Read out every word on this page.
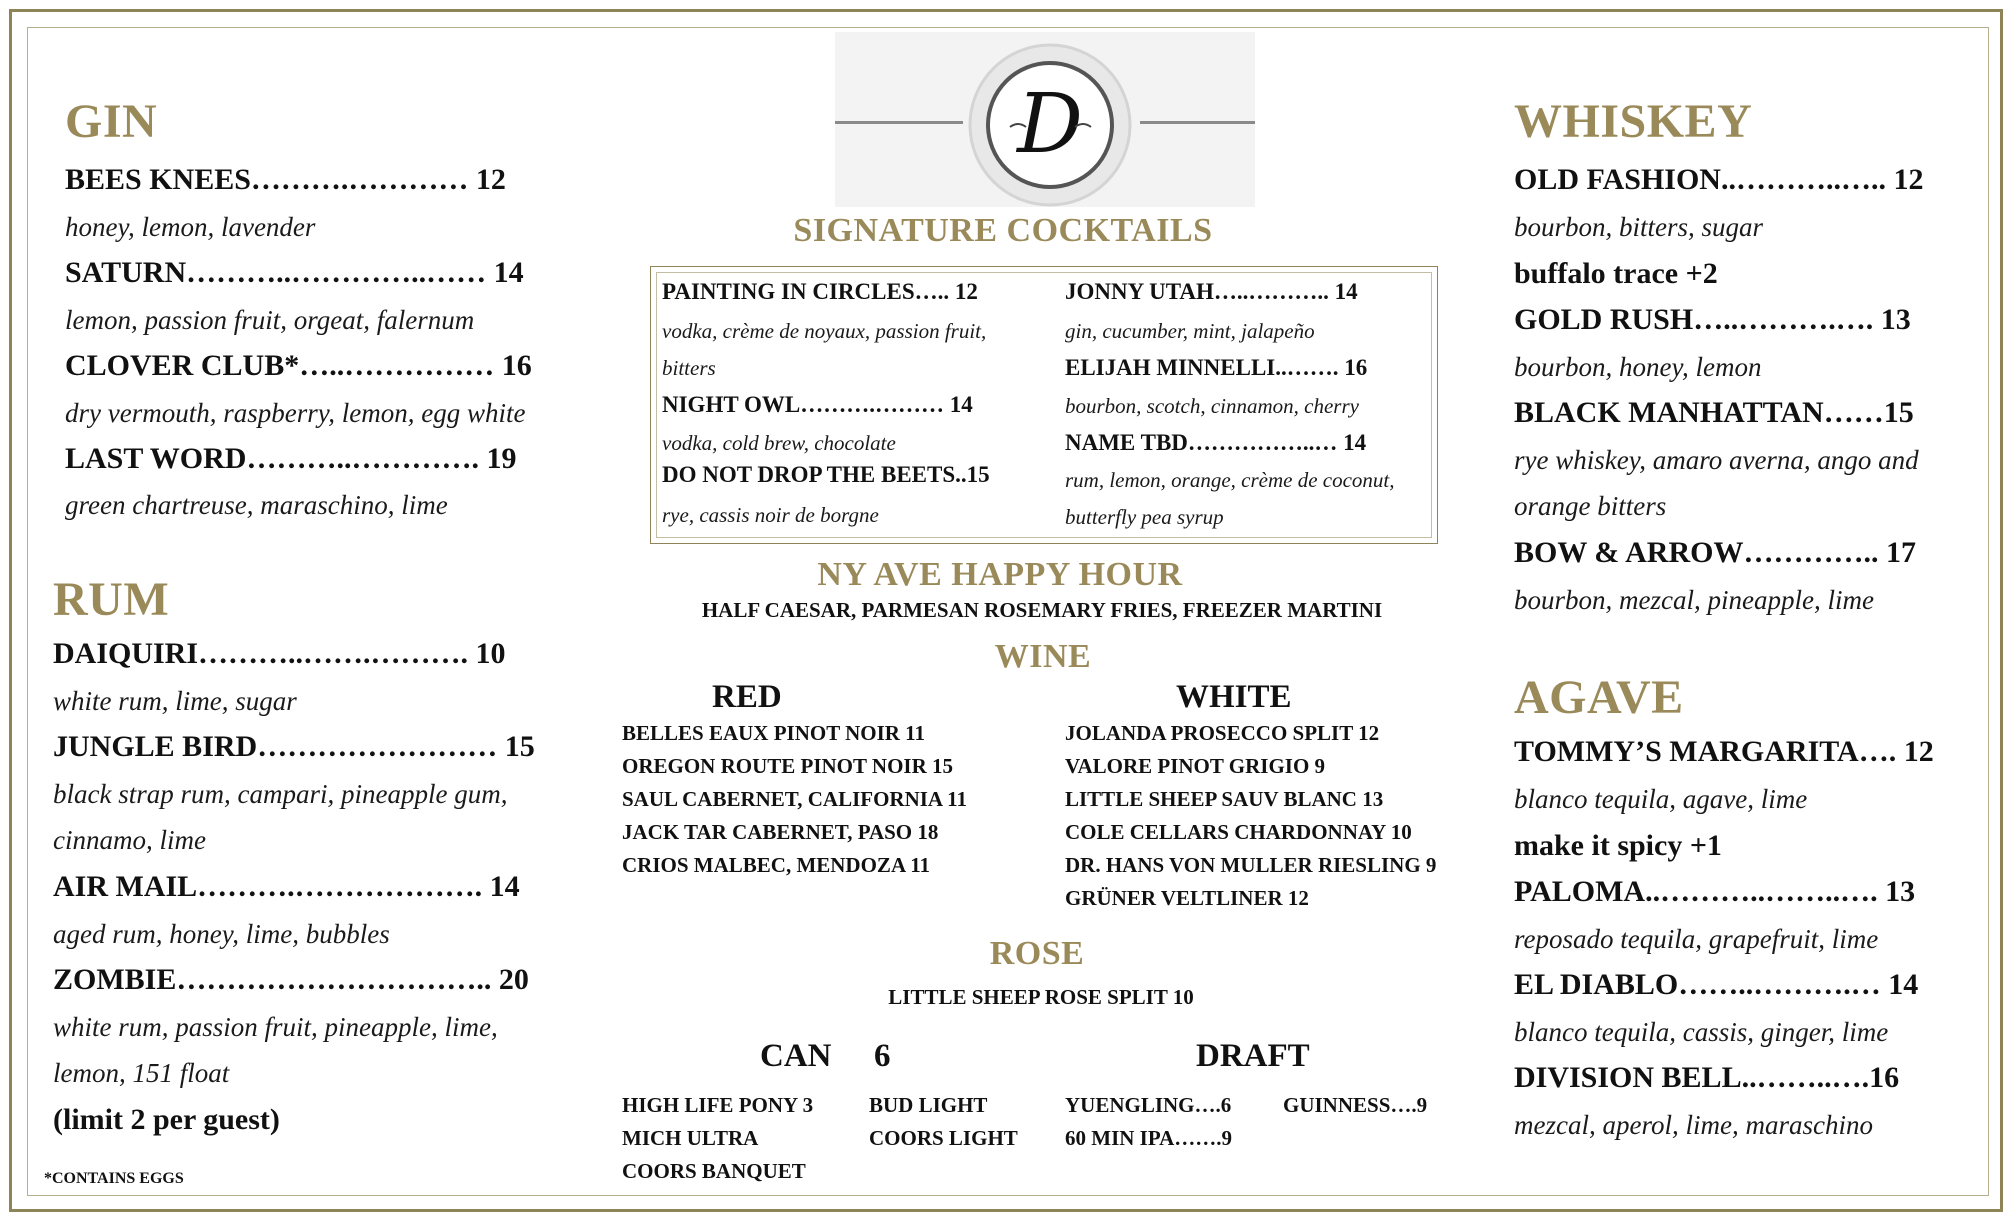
D
GIN
BEES KNEES……….………… 12
honey, lemon, lavender
SATURN………..…………..…… 14
lemon, passion fruit, orgeat, falernum
CLOVER CLUB*…..…………… 16
dry vermouth, raspberry, lemon, egg white
LAST WORD………..…………. 19
green chartreuse, maraschino, lime
RUM
DAIQUIRI………..…….………. 10
white rum, lime, sugar
JUNGLE BIRD…………………… 15
black strap rum, campari, pineapple gum,
cinnamo, lime
AIR MAIL……….………………. 14
aged rum, honey, lime, bubbles
ZOMBIE………………………….. 20
white rum, passion fruit, pineapple, lime,
lemon, 151 float
(limit 2 per guest)
*CONTAINS EGGS
SIGNATURE COCKTAILS
PAINTING IN CIRCLES….. 12
vodka, crème de noyaux, passion fruit,
bitters
NIGHT OWL……….……… 14
vodka, cold brew, chocolate
DO NOT DROP THE BEETS..15
rye, cassis noir de borgne
JONNY UTAH…..……….. 14
gin, cucumber, mint, jalapeño
ELIJAH MINNELLI..……. 16
bourbon, scotch, cinnamon, cherry
NAME TBD……………..… 14
rum, lemon, orange, crème de coconut,
butterfly pea syrup
NY AVE HAPPY HOUR
HALF CAESAR, PARMESAN ROSEMARY FRIES, FREEZER MARTINI
WINE
RED	WHITE
BELLES EAUX PINOT NOIR 11
OREGON ROUTE PINOT NOIR 15
SAUL CABERNET, CALIFORNIA 11
JACK TAR CABERNET, PASO 18
CRIOS MALBEC, MENDOZA 11
JOLANDA PROSECCO SPLIT 12
VALORE PINOT GRIGIO 9
LITTLE SHEEP SAUV BLANC 13
COLE CELLARS CHARDONNAY 10
DR. HANS VON MULLER RIESLING 9
GRÜNER VELTLINER 12
ROSE
LITTLE SHEEP ROSE SPLIT 10
CAN 6	DRAFT
HIGH LIFE PONY 3
MICH ULTRA
COORS BANQUET
BUD LIGHT
COORS LIGHT
YUENGLING….6
60 MIN IPA…….9
GUINNESS….9
WHISKEY
OLD FASHION..………..….. 12
bourbon, bitters, sugar
buffalo trace +2
GOLD RUSH…..……….…. 13
bourbon, honey, lemon
BLACK MANHATTAN……15
rye whiskey, amaro averna, ango and
orange bitters
BOW & ARROW………….. 17
bourbon, mezcal, pineapple, lime
AGAVE
TOMMY’S MARGARITA…. 12
blanco tequila, agave, lime
make it spicy +1
PALOMA..………..……..…. 13
reposado tequila, grapefruit, lime
EL DIABLO……..……….… 14
blanco tequila, cassis, ginger, lime
DIVISION BELL..……..….16
mezcal, aperol, lime, maraschino
